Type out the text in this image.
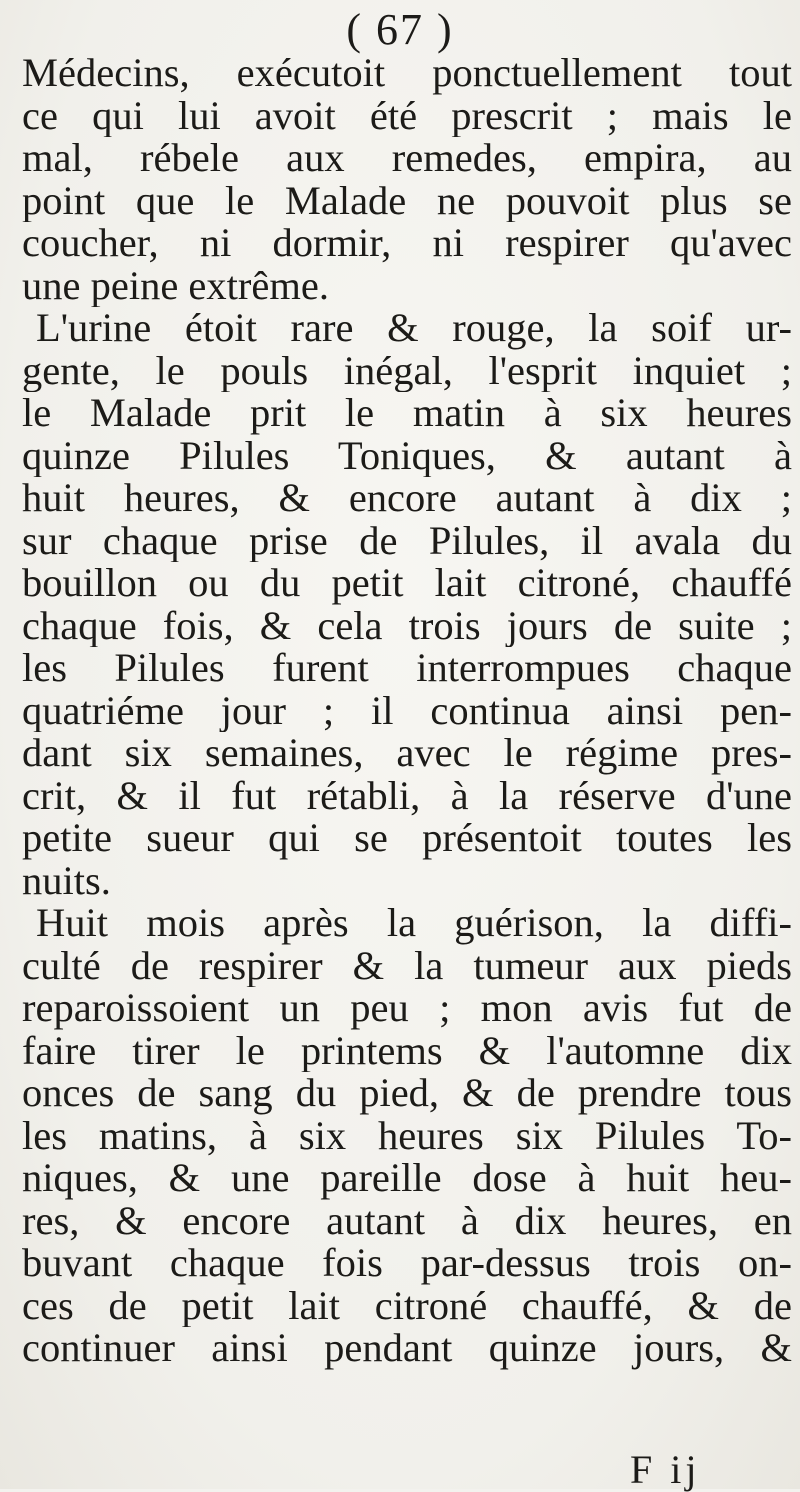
( 67 )
Médecins, exécutoit ponctuellement tout
ce qui lui avoit été prescrit ; mais le
mal, rébele aux remedes, empira, au
point que le Malade ne pouvoit plus se
coucher, ni dormir, ni respirer qu'avec
une peine extrême.
L'urine étoit rare & rouge, la soif ur-
gente, le pouls inégal, l'esprit inquiet ;
le Malade prit le matin à six heures
quinze Pilules Toniques, & autant à
huit heures, & encore autant à dix ;
sur chaque prise de Pilules, il avala du
bouillon ou du petit lait citroné, chauffé
chaque fois, & cela trois jours de suite ;
les Pilules furent interrompues chaque
quatriéme jour ; il continua ainsi pen-
dant six semaines, avec le régime pres-
crit, & il fut rétabli, à la réserve d'une
petite sueur qui se présentoit toutes les
nuits.
Huit mois après la guérison, la diffi-
culté de respirer & la tumeur aux pieds
reparoissoient un peu ; mon avis fut de
faire tirer le printems & l'automne dix
onces de sang du pied, & de prendre tous
les matins, à six heures six Pilules To-
niques, & une pareille dose à huit heu-
res, & encore autant à dix heures, en
buvant chaque fois par-dessus trois on-
ces de petit lait citroné chauffé, & de
continuer ainsi pendant quinze jours, &
F ij
